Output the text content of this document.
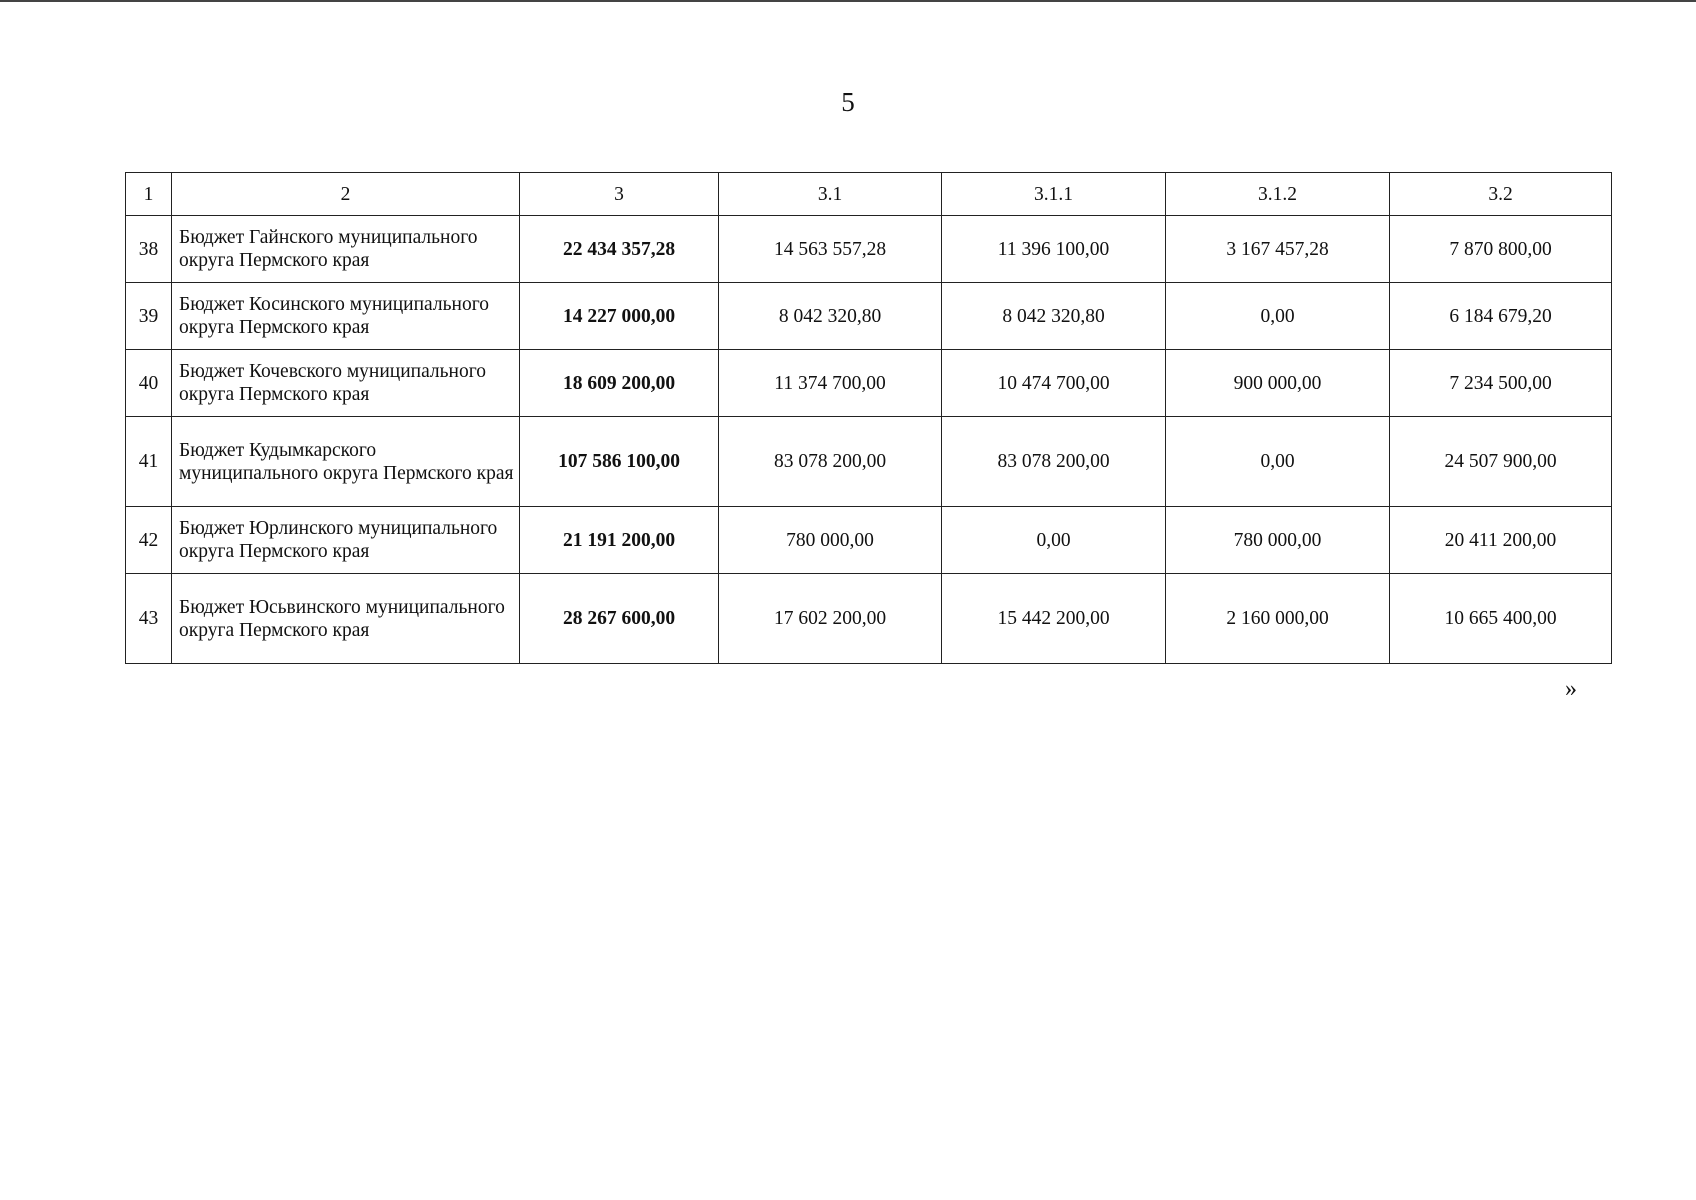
5
1	2	3	3.1	3.1.1	3.1.2	3.2
38	Бюджет Гайнского муниципального округа Пермского края	22 434 357,28	14 563 557,28	11 396 100,00	3 167 457,28	7 870 800,00
39	Бюджет Косинского муниципального округа Пермского края	14 227 000,00	8 042 320,80	8 042 320,80	0,00	6 184 679,20
40	Бюджет Кочевского муниципального округа Пермского края	18 609 200,00	11 374 700,00	10 474 700,00	900 000,00	7 234 500,00
41	Бюджет Кудымкарского муниципального округа Пермского края	107 586 100,00	83 078 200,00	83 078 200,00	0,00	24 507 900,00
42	Бюджет Юрлинского муниципального округа Пермского края	21 191 200,00	780 000,00	0,00	780 000,00	20 411 200,00
43	Бюджет Юсьвинского муниципального округа Пермского края	28 267 600,00	17 602 200,00	15 442 200,00	2 160 000,00	10 665 400,00
»
